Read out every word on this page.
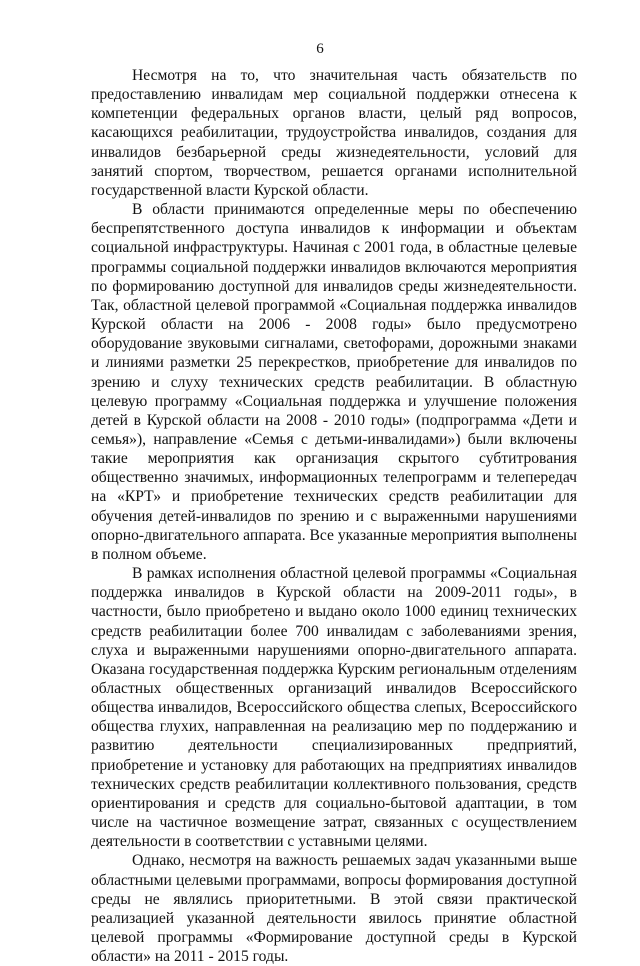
6

Несмотря на то, что значительная часть обязательств по предоставлению инвалидам мер социальной поддержки отнесена к компетенции федеральных органов власти, целый ряд вопросов, касающихся реабилитации, трудоустройства инвалидов, создания для инвалидов безбарьерной среды жизнедеятельности, условий для занятий спортом, творчеством, решается органами исполнительной государственной власти Курской области.

В области принимаются определенные меры по обеспечению беспрепятственного доступа инвалидов к информации и объектам социальной инфраструктуры. Начиная с 2001 года, в областные целевые программы социальной поддержки инвалидов включаются мероприятия по формированию доступной для инвалидов среды жизнедеятельности. Так, областной целевой программой «Социальная поддержка инвалидов Курской области на 2006 - 2008 годы» было предусмотрено оборудование звуковыми сигналами, светофорами, дорожными знаками и линиями разметки 25 перекрестков, приобретение для инвалидов по зрению и слуху технических средств реабилитации. В областную целевую программу «Социальная поддержка и улучшение положения детей в Курской области на 2008 - 2010 годы» (подпрограмма «Дети и семья»), направление «Семья с детьми-инвалидами») были включены такие мероприятия как организация скрытого субтитрования общественно значимых, информационных телепрограмм и телепередач на «КРТ» и приобретение технических средств реабилитации для обучения детей-инвалидов по зрению и с выраженными нарушениями опорно-двигательного аппарата. Все указанные мероприятия выполнены в полном объеме.

В рамках исполнения областной целевой программы «Социальная поддержка инвалидов в Курской области на 2009-2011 годы», в частности, было приобретено и выдано около 1000 единиц технических средств реабилитации более 700 инвалидам с заболеваниями зрения, слуха и выраженными нарушениями опорно-двигательного аппарата. Оказана государственная поддержка Курским региональным отделениям областных общественных организаций инвалидов Всероссийского общества инвалидов, Всероссийского общества слепых, Всероссийского общества глухих, направленная на реализацию мер по поддержанию и развитию деятельности специализированных предприятий, приобретение и установку для работающих на предприятиях инвалидов технических средств реабилитации коллективного пользования, средств ориентирования и средств для социально-бытовой адаптации, в том числе на частичное возмещение затрат, связанных с осуществлением деятельности в соответствии с уставными целями.

Однако, несмотря на важность решаемых задач указанными выше областными целевыми программами, вопросы формирования доступной среды не являлись приоритетными. В этой связи практической реализацией указанной деятельности явилось принятие областной целевой программы «Формирование доступной среды в Курской области» на 2011 - 2015 годы.
